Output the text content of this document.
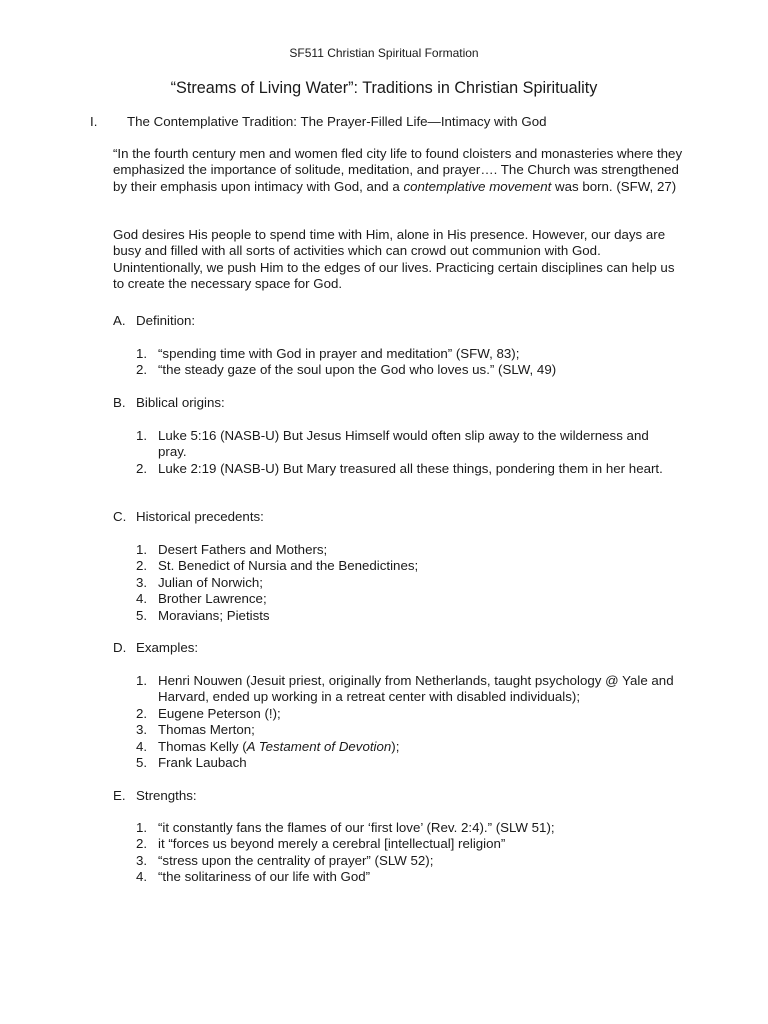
SF511 Christian Spiritual Formation
“Streams of Living Water”: Traditions in Christian Spirituality
I. The Contemplative Tradition: The Prayer-Filled Life—Intimacy with God

“In the fourth century men and women fled city life to found cloisters and monasteries where they emphasized the importance of solitude, meditation, and prayer…. The Church was strengthened by their emphasis upon intimacy with God, and a contemplative movement was born. (SFW, 27)

God desires His people to spend time with Him, alone in His presence. However, our days are busy and filled with all sorts of activities which can crowd out communion with God. Unintentionally, we push Him to the edges of our lives. Practicing certain disciplines can help us to create the necessary space for God.

A. Definition:
1. “spending time with God in prayer and meditation” (SFW, 83);
2. “the steady gaze of the soul upon the God who loves us.” (SLW, 49)
B. Biblical origins:
1. Luke 5:16 (NASB-U) But Jesus Himself would often slip away to the wilderness and pray.
2. Luke 2:19 (NASB-U) But Mary treasured all these things, pondering them in her heart.
C. Historical precedents:
1. Desert Fathers and Mothers;
2. St. Benedict of Nursia and the Benedictines;
3. Julian of Norwich;
4. Brother Lawrence;
5. Moravians; Pietists
D. Examples:
1. Henri Nouwen (Jesuit priest, originally from Netherlands, taught psychology @ Yale and Harvard, ended up working in a retreat center with disabled individuals);
2. Eugene Peterson (!);
3. Thomas Merton;
4. Thomas Kelly (A Testament of Devotion);
5. Frank Laubach
E. Strengths:
1. “it constantly fans the flames of our ‘first love’ (Rev. 2:4).” (SLW 51);
2. it “forces us beyond merely a cerebral [intellectual] religion”
3. “stress upon the centrality of prayer” (SLW 52);
4. “the solitariness of our life with God”
